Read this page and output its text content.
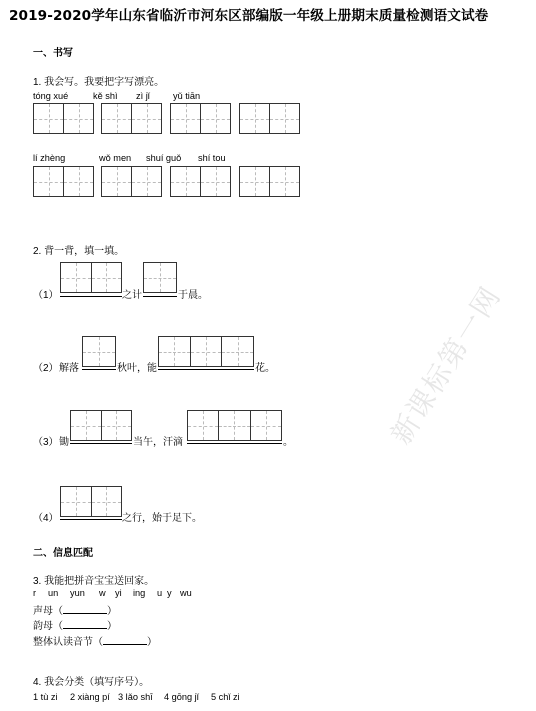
新课标第一网
2019-2020学年山东省临沂市河东区部编版一年级上册期末质量检测语文试卷
一、书写
1. 我会写。我要把字写漂亮。
tóng xué	kě shì zì jǐ	yǔ tiān
lí zhèng	wǒ men shuí guǒ shí tou
2. 背一背，填一填。
（1）	之计	于晨。
（2） 解落	秋叶，能	花。
（3） 锄	当午，汗滴	。
（4）	之行，始于足下。
二、信息匹配
3. 我能把拼音宝宝送回家。
r un yun w yi ing u y wu
声母（	）
韵母（	）
整体认读音节（	）
4. 我会分类（填写序号）。
1 tù zi 2 xiàng pí 3 lǎo shī 4 gōng jǐ 5 chǐ zi
